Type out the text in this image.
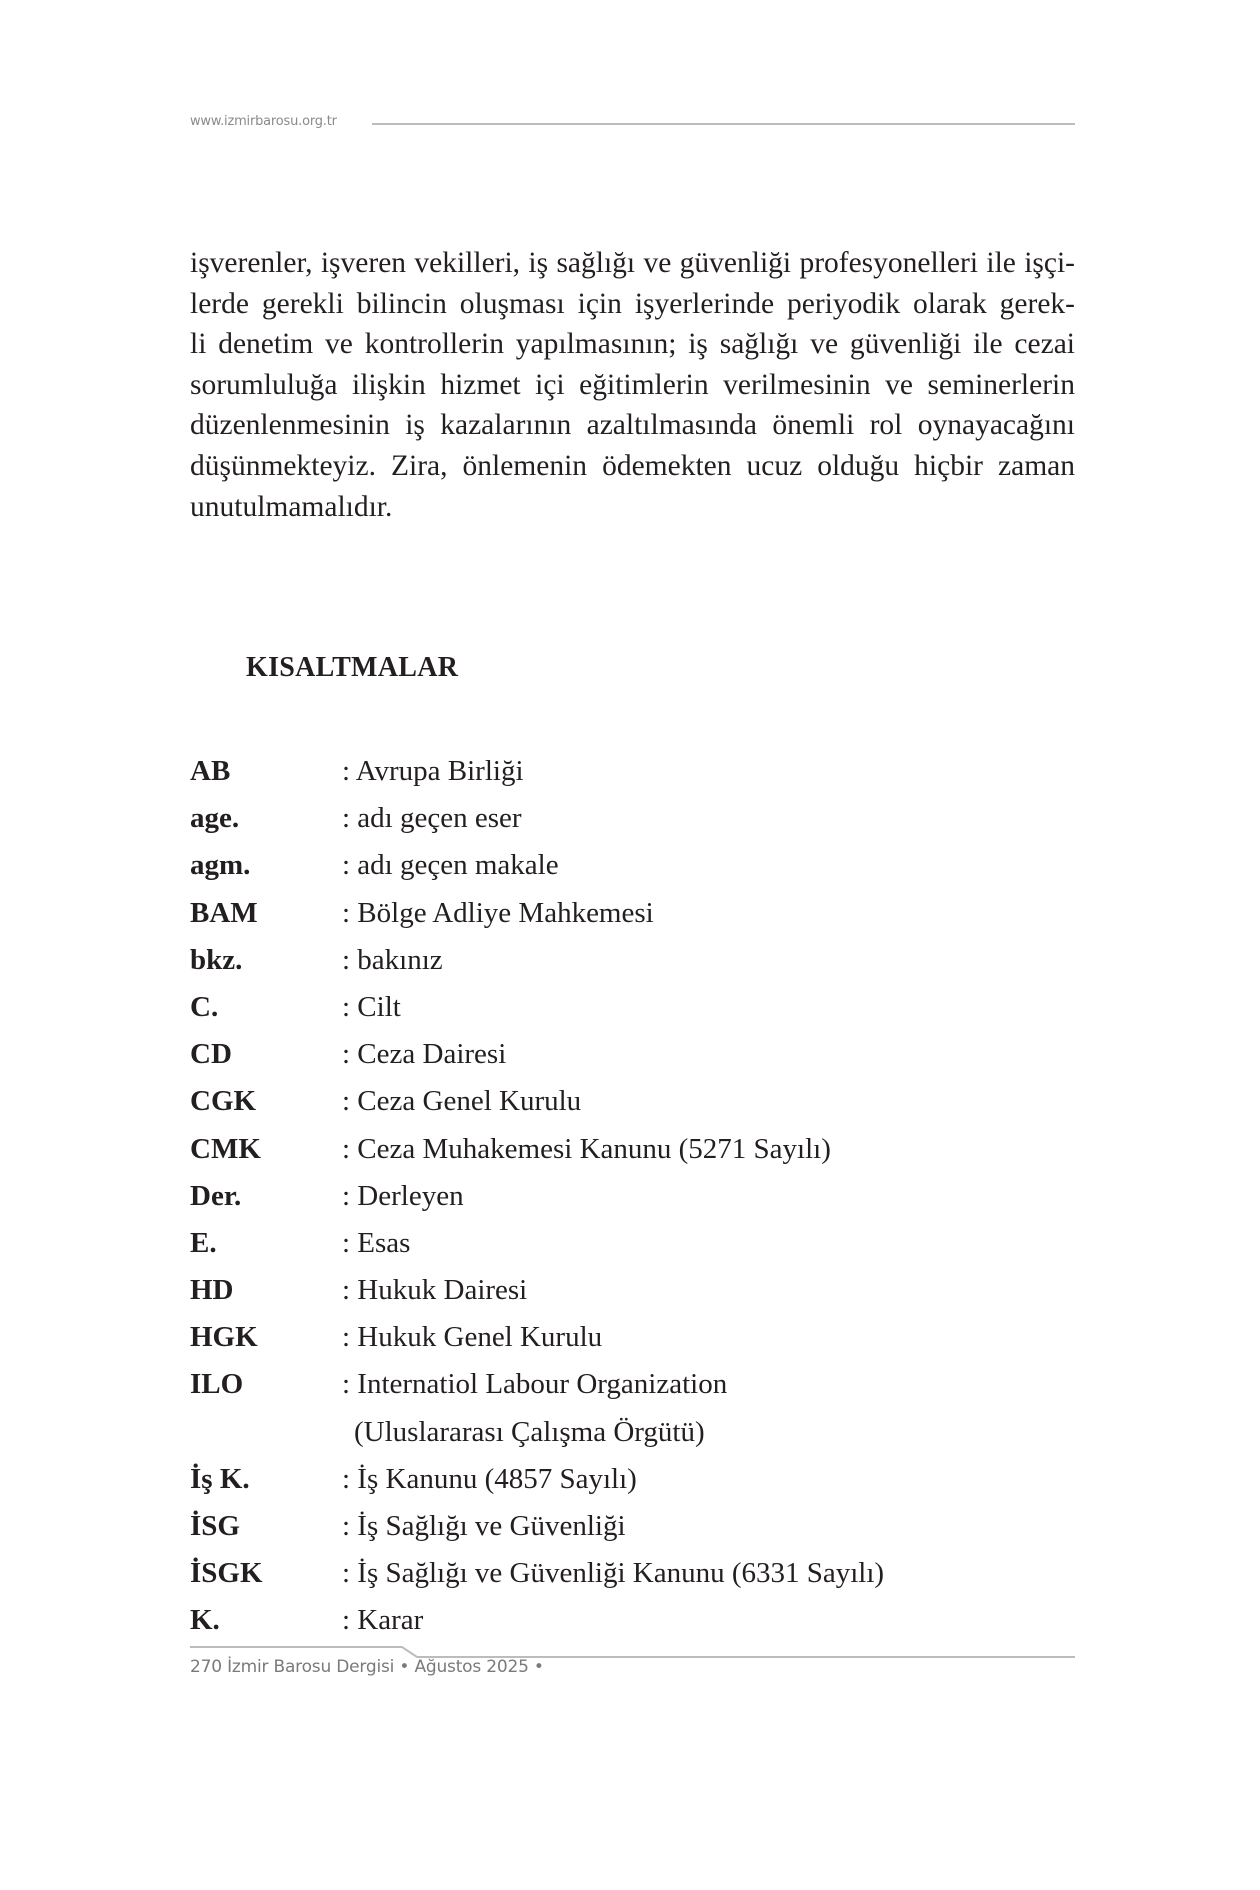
www.izmirbarosu.org.tr
işverenler, işveren vekilleri, iş sağlığı ve güvenliği profesyonelleri ile işçi-
lerde gerekli bilincin oluşması için işyerlerinde periyodik olarak gerek-
li denetim ve kontrollerin yapılmasının; iş sağlığı ve güvenliği ile cezai
sorumluluğa ilişkin hizmet içi eğitimlerin verilmesinin ve seminerlerin
düzenlenmesinin iş kazalarının azaltılmasında önemli rol oynayacağını
düşünmekteyiz. Zira, önlemenin ödemekten ucuz olduğu hiçbir zaman
unutulmamalıdır.
KISALTMALAR
AB	: Avrupa Birliği
age.	: adı geçen eser
agm.	: adı geçen makale
BAM	: Bölge Adliye Mahkemesi
bkz.	: bakınız
C.	: Cilt
CD	: Ceza Dairesi
CGK	: Ceza Genel Kurulu
CMK	: Ceza Muhakemesi Kanunu (5271 Sayılı)
Der.	: Derleyen
E.	: Esas
HD	: Hukuk Dairesi
HGK	: Hukuk Genel Kurulu
ILO	: Internatiol Labour Organization
(Uluslararası Çalışma Örgütü)
İş K.	: İş Kanunu (4857 Sayılı)
İSG	: İş Sağlığı ve Güvenliği
İSGK	: İş Sağlığı ve Güvenliği Kanunu (6331 Sayılı)
K.	: Karar
270 İzmir Barosu Dergisi • Ağustos 2025 •
